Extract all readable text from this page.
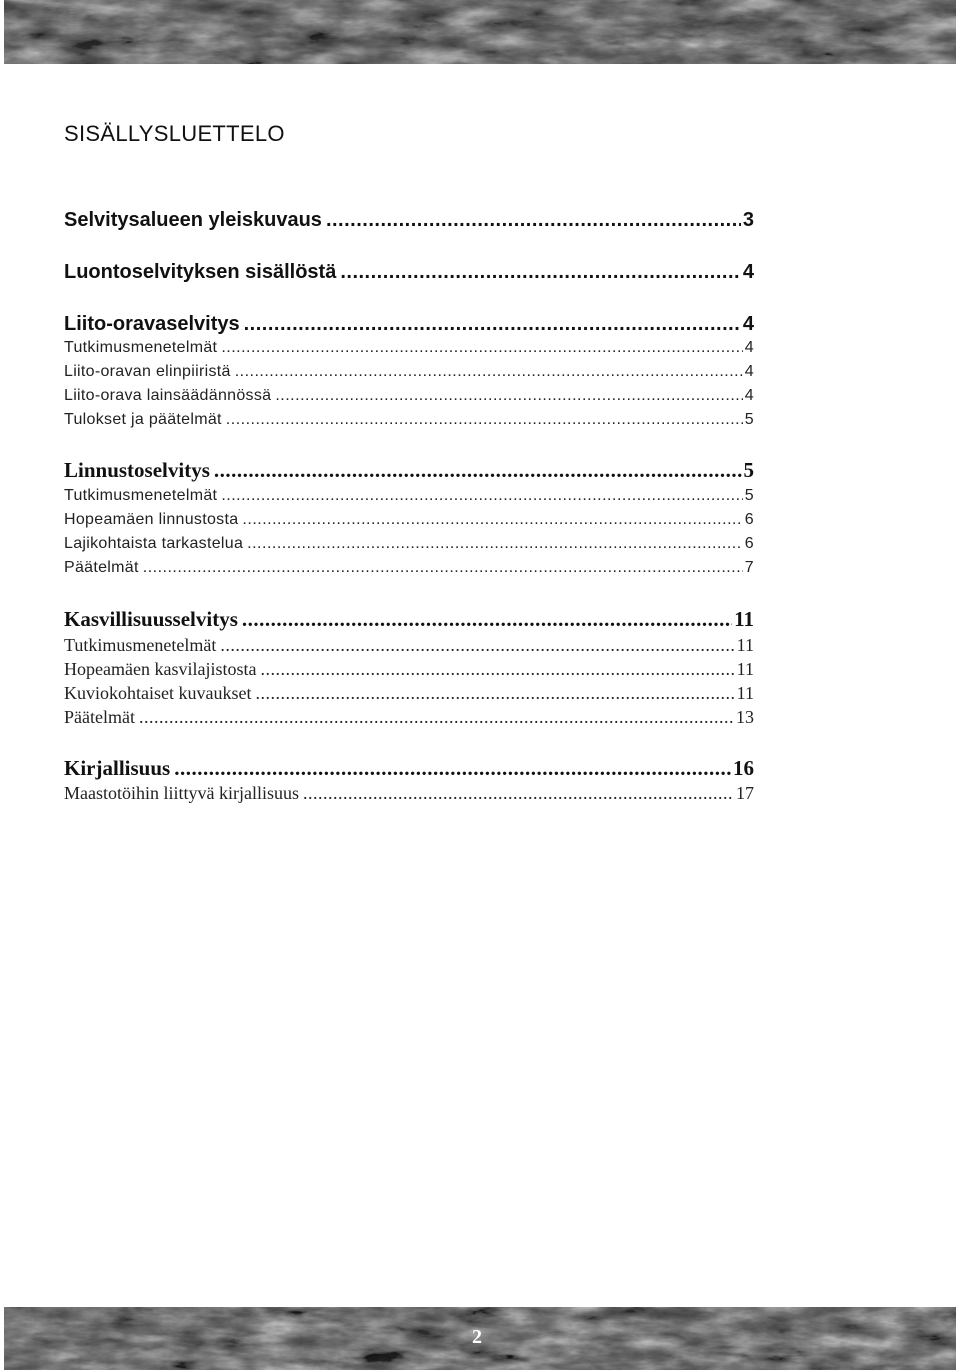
SISÄLLYSLUETTELO
Selvitysalueen yleiskuvaus .....	3
Luontoselvityksen sisällöstä .....	4
Liito-oravaselvitys .....	4
Tutkimusmenetelmät .....	4
Liito-oravan elinpiiristä .....	4
Liito-orava lainsäädännössä .....	4
Tulokset ja päätelmät .....	5
Linnustoselvitys .....	5
Tutkimusmenetelmät .....	5
Hopeamäen linnustosta .....	6
Lajikohtaista tarkastelua .....	6
Päätelmät .....	7
Kasvillisuusselvitys .....	11
Tutkimusmenetelmät .....	11
Hopeamäen kasvilajistosta .....	11
Kuviokohtaiset kuvaukset .....	11
Päätelmät .....	13
Kirjallisuus .....	16
Maastotöihin liittyvä kirjallisuus .....	17
2
